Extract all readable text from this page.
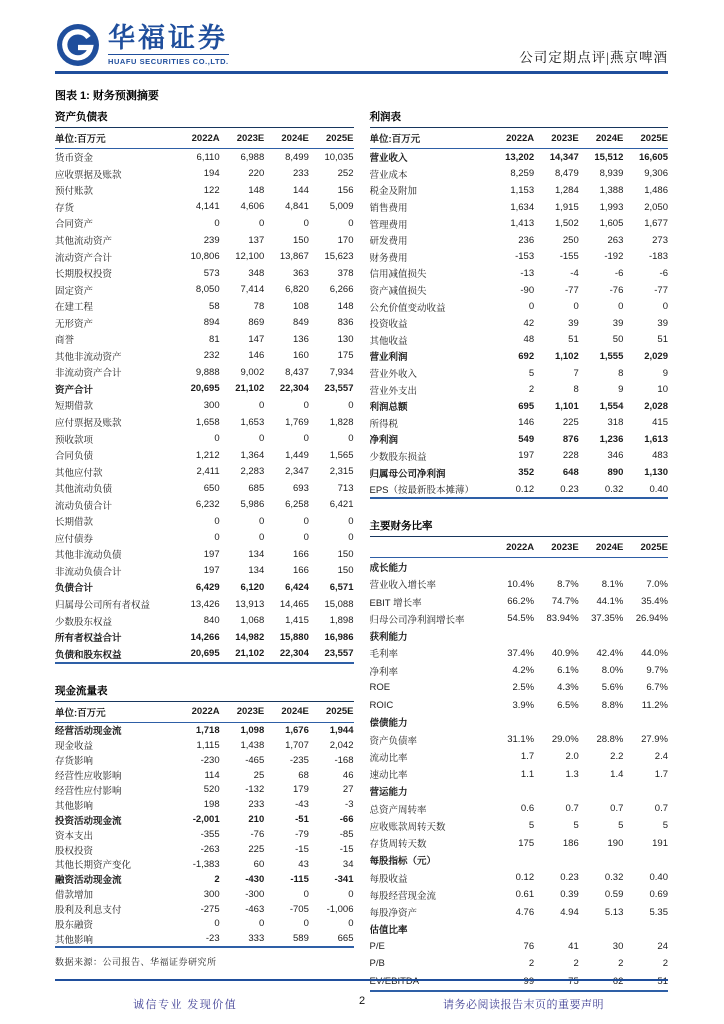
华福证券
HUAFU SECURITIES CO.,LTD.	公司定期点评|燕京啤酒
图表 1: 财务预测摘要
资产负债表
单位:百万元	2022A	2023E	2024E	2025E
货币资金	6,110	6,988	8,499	10,035
应收票据及账款	194	220	233	252
预付账款	122	148	144	156
存货	4,141	4,606	4,841	5,009
合同资产	0	0	0	0
其他流动资产	239	137	150	170
流动资产合计	10,806	12,100	13,867	15,623
长期股权投资	573	348	363	378
固定资产	8,050	7,414	6,820	6,266
在建工程	58	78	108	148
无形资产	894	869	849	836
商誉	81	147	136	130
其他非流动资产	232	146	160	175
非流动资产合计	9,888	9,002	8,437	7,934
资产合计	20,695	21,102	22,304	23,557
短期借款	300	0	0	0
应付票据及账款	1,658	1,653	1,769	1,828
预收款项	0	0	0	0
合同负债	1,212	1,364	1,449	1,565
其他应付款	2,411	2,283	2,347	2,315
其他流动负债	650	685	693	713
流动负债合计	6,232	5,986	6,258	6,421
长期借款	0	0	0	0
应付债券	0	0	0	0
其他非流动负债	197	134	166	150
非流动负债合计	197	134	166	150
负债合计	6,429	6,120	6,424	6,571
归属母公司所有者权益	13,426	13,913	14,465	15,088
少数股东权益	840	1,068	1,415	1,898
所有者权益合计	14,266	14,982	15,880	16,986
负债和股东权益	20,695	21,102	22,304	23,557
现金流量表
单位:百万元	2022A	2023E	2024E	2025E
经营活动现金流	1,718	1,098	1,676	1,944
现金收益	1,115	1,438	1,707	2,042
存货影响	-230	-465	-235	-168
经营性应收影响	114	25	68	46
经营性应付影响	520	-132	179	27
其他影响	198	233	-43	-3
投资活动现金流	-2,001	210	-51	-66
资本支出	-355	-76	-79	-85
股权投资	-263	225	-15	-15
其他长期资产变化	-1,383	60	43	34
融资活动现金流	2	-430	-115	-341
借款增加	300	-300	0	0
股利及利息支付	-275	-463	-705	-1,006
股东融资	0	0	0	0
其他影响	-23	333	589	665
数据来源：公司报告、华福证券研究所
利润表
单位:百万元	2022A	2023E	2024E	2025E
营业收入	13,202	14,347	15,512	16,605
营业成本	8,259	8,479	8,939	9,306
税金及附加	1,153	1,284	1,388	1,486
销售费用	1,634	1,915	1,993	2,050
管理费用	1,413	1,502	1,605	1,677
研发费用	236	250	263	273
财务费用	-153	-155	-192	-183
信用减值损失	-13	-4	-6	-6
资产减值损失	-90	-77	-76	-77
公允价值变动收益	0	0	0	0
投资收益	42	39	39	39
其他收益	48	51	50	51
营业利润	692	1,102	1,555	2,029
营业外收入	5	7	8	9
营业外支出	2	8	9	10
利润总额	695	1,101	1,554	2,028
所得税	146	225	318	415
净利润	549	876	1,236	1,613
少数股东损益	197	228	346	483
归属母公司净利润	352	648	890	1,130
EPS（按最新股本摊薄）	0.12	0.23	0.32	0.40
主要财务比率
2022A	2023E	2024E	2025E
成长能力
营业收入增长率	10.4%	8.7%	8.1%	7.0%
EBIT 增长率	66.2%	74.7%	44.1%	35.4%
归母公司净利润增长率	54.5%	83.94%	37.35%	26.94%
获利能力
毛利率	37.4%	40.9%	42.4%	44.0%
净利率	4.2%	6.1%	8.0%	9.7%
ROE	2.5%	4.3%	5.6%	6.7%
ROIC	3.9%	6.5%	8.8%	11.2%
偿债能力
资产负债率	31.1%	29.0%	28.8%	27.9%
流动比率	1.7	2.0	2.2	2.4
速动比率	1.1	1.3	1.4	1.7
营运能力
总资产周转率	0.6	0.7	0.7	0.7
应收账款周转天数	5	5	5	5
存货周转天数	175	186	190	191
每股指标（元）
每股收益	0.12	0.23	0.32	0.40
每股经营现金流	0.61	0.39	0.59	0.69
每股净资产	4.76	4.94	5.13	5.35
估值比率
P/E	76	41	30	24
P/B	2	2	2	2
EV/EBITDA	99	75	62	51
诚信专业 发现价值	2	请务必阅读报告末页的重要声明
